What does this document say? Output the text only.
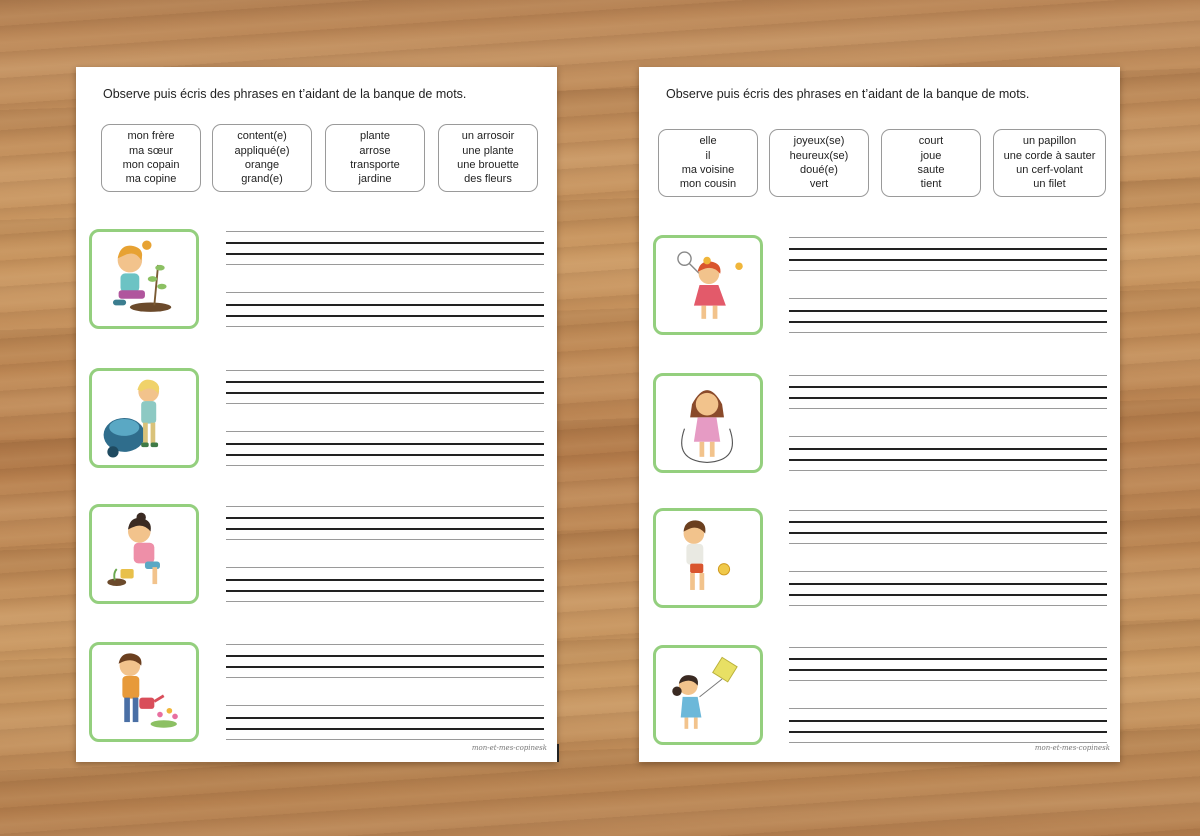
Observe puis écris des phrases en t’aidant de la banque de mots.
mon frère
ma sœur
mon copain
ma copine
content(e)
appliqué(e)
orange
grand(e)
plante
arrose
transporte
jardine
un arrosoir
une plante
une brouette
des fleurs
mon-et-mes-copinesk
Observe puis écris des phrases en t’aidant de la banque de mots.
elle
il
ma voisine
mon cousin
joyeux(se)
heureux(se)
doué(e)
vert
court
joue
saute
tient
un papillon
une corde à sauter
un cerf-volant
un filet
mon-et-mes-copinesk
